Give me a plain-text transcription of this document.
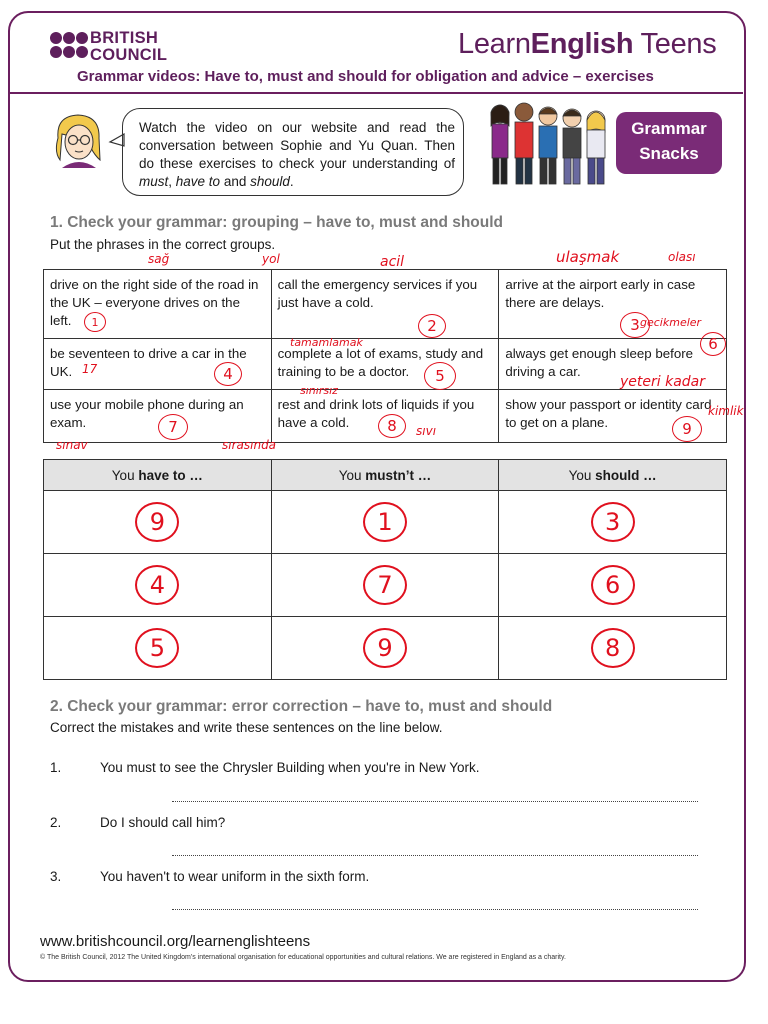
BRITISH
COUNCIL	LearnEnglish Teens
Grammar videos: Have to, must and should for obligation and advice – exercises
Watch the video on our website and read the conversation between Sophie and Yu Quan. Then do these exercises to check your understanding of must, have to and should.
Grammar
Snacks
1. Check your grammar: grouping – have to, must and should
Put the phrases in the correct groups.
drive on the right side of the road in the UK – everyone drives on the left.	call the emergency services if you just have a cold.	arrive at the airport early in case there are delays.
be seventeen to drive a car in the UK.	complete a lot of exams, study and training to be a doctor.	always get enough sleep before driving a car.
use your mobile phone during an exam.	rest and drink lots of liquids if you have a cold.	show your passport or identity card to get on a plane.
You have to …	You mustn’t …	You should …

9	1	3

4	7	6

5	9	8
sağ	yol	acil	ulaşmak	olası
gecikmeler
tamamlamak
sınırsız
sıvı
sınav	sırasında
yeteri kadar
kimlik
17
2
4	5
7	8	9
3
6
1
2. Check your grammar: error correction – have to, must and should
Correct the mistakes and write these sentences on the line below.
1.	You must to see the Chrysler Building when you're in New York.
2.	Do I should call him?
3.	You haven't to wear uniform in the sixth form.
www.britishcouncil.org/learnenglishteens
© The British Council, 2012 The United Kingdom’s international organisation for educational opportunities and cultural relations. We are registered in England as a charity.
